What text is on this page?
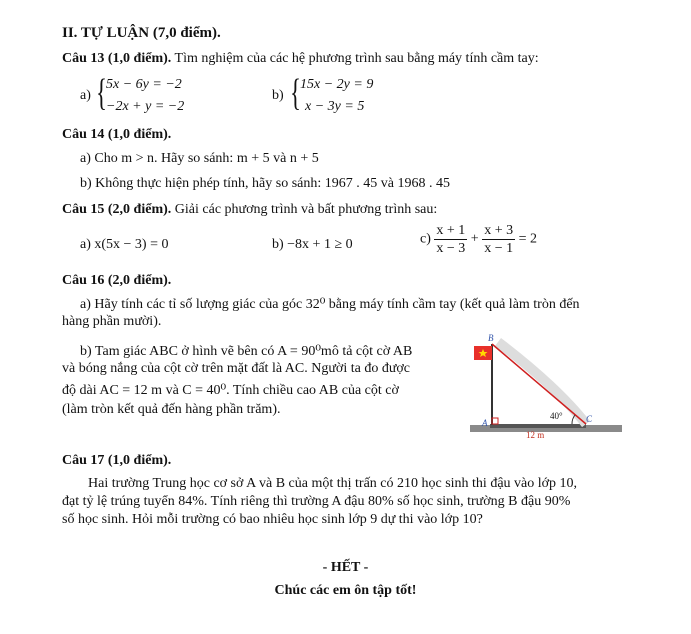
II. TỰ LUẬN (7,0 điểm).
Câu 13 (1,0 điểm). Tìm nghiệm của các hệ phương trình sau bằng máy tính cầm tay:
a) { 5x − 6y = −2
−2x + y = −2
b) { 15x − 2y = 9
x − 3y = 5
Câu 14 (1,0 điểm).
a) Cho m > n. Hãy so sánh: m + 5 và n + 5
b) Không thực hiện phép tính, hãy so sánh: 1967 . 45 và 1968 . 45
Câu 15 (2,0 điểm). Giải các phương trình và bất phương trình sau:
a) x(5x − 3) = 0	b) −8x + 1 ≥ 0	$c) \frac{x + 1}{x - 3} + \frac{x + 3}{x - 1} = 2$
Câu 16 (2,0 điểm).
a) Hãy tính các tỉ số lượng giác của góc 32⁰ bằng máy tính cầm tay (kết quả làm tròn đến
hàng phần mười).
b) Tam giác ABC ở hình vẽ bên có A = 90⁰mô tả cột cờ AB
và bóng nắng của cột cờ trên mặt đất là AC. Người ta đo được
độ dài AC = 12 m và C = 40⁰. Tính chiều cao AB của cột cờ
(làm tròn kết quả đến hàng phần trăm).
B
A	C
40°
12 m
Câu 17 (1,0 điểm).
Hai trường Trung học cơ sở A và B của một thị trấn có 210 học sinh thi đậu vào lớp 10,
đạt tỷ lệ trúng tuyển 84%. Tính riêng thì trường A đậu 80% số học sinh, trường B đậu 90%
số học sinh. Hỏi mỗi trường có bao nhiêu học sinh lớp 9 dự thi vào lớp 10?
- HẾT -
Chúc các em ôn tập tốt!
